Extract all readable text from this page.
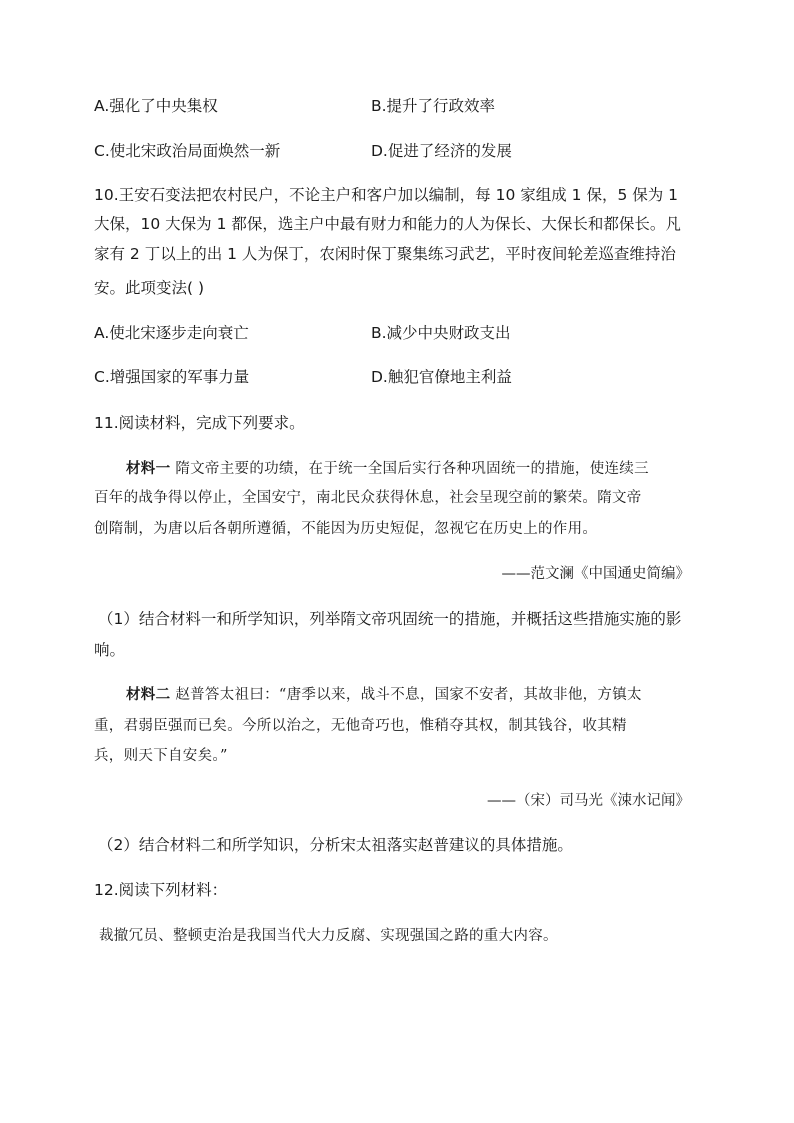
A.强化了中央集权	B.提升了行政效率
C.使北宋政治局面焕然一新	D.促进了经济的发展
10.王安石变法把农村民户，不论主户和客户加以编制，每 10 家组成 1 保，5 保为 1
大保，10 大保为 1 都保，选主户中最有财力和能力的人为保长、大保长和都保长。凡
家有 2 丁以上的出 1 人为保丁，农闲时保丁聚集练习武艺，平时夜间轮差巡查维持治
安。此项变法( )
A.使北宋逐步走向衰亡	B.减少中央财政支出
C.增强国家的军事力量	D.触犯官僚地主利益
11.阅读材料，完成下列要求。
材料一 隋文帝主要的功绩，在于统一全国后实行各种巩固统一的措施，使连续三
百年的战争得以停止，全国安宁，南北民众获得休息，社会呈现空前的繁荣。隋文帝
创隋制，为唐以后各朝所遵循，不能因为历史短促，忽视它在历史上的作用。
——范文澜《中国通史简编》
（1）结合材料一和所学知识，列举隋文帝巩固统一的措施，并概括这些措施实施的影
响。
材料二 赵普答太祖曰：“唐季以来，战斗不息，国家不安者，其故非他，方镇太
重，君弱臣强而已矣。今所以治之，无他奇巧也，惟稍夺其权，制其钱谷，收其精
兵，则天下自安矣。”
——（宋）司马光《涑水记闻》
（2）结合材料二和所学知识，分析宋太祖落实赵普建议的具体措施。
12.阅读下列材料：
裁撤冗员、整顿吏治是我国当代大力反腐、实现强国之路的重大内容。
